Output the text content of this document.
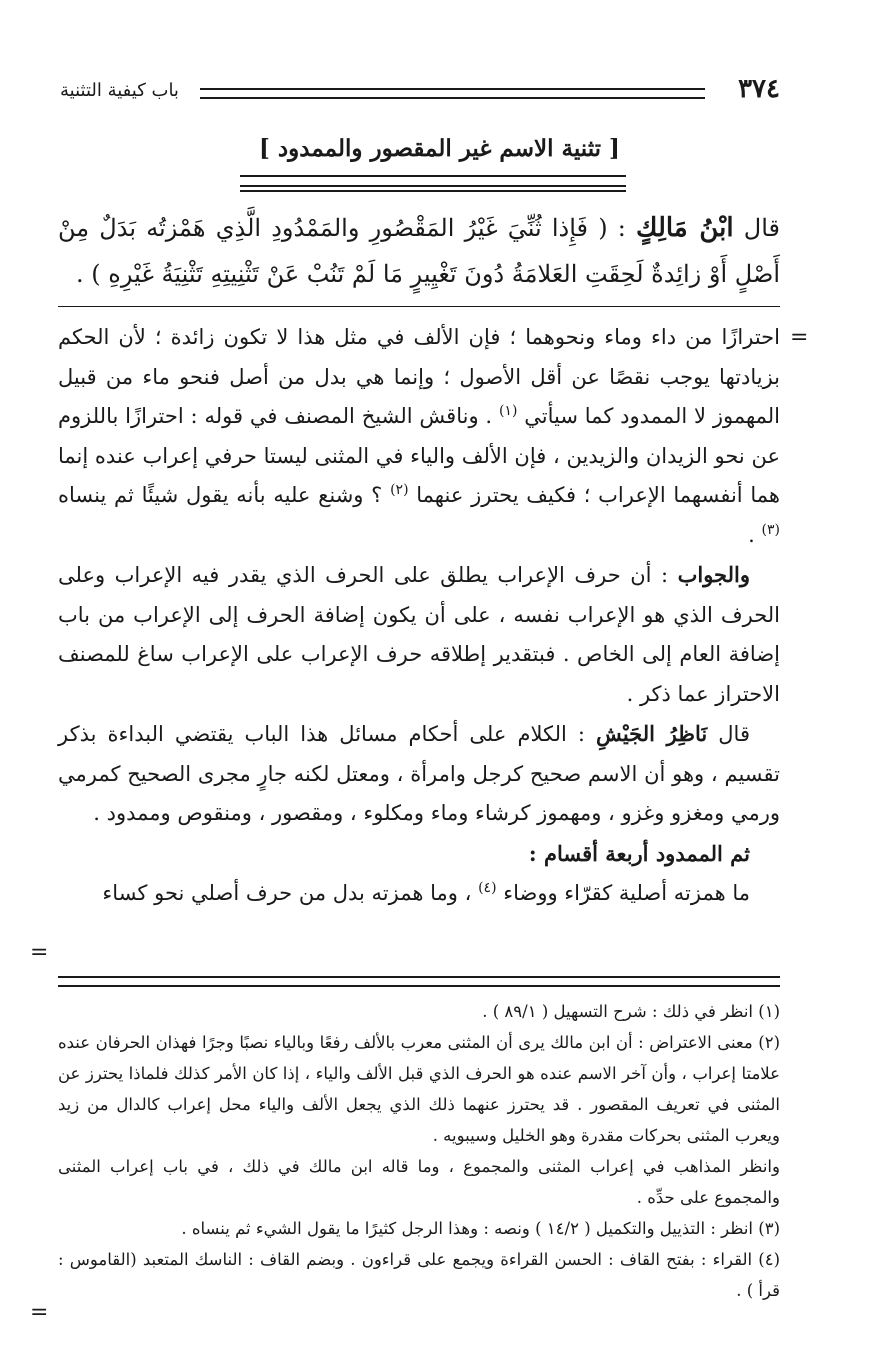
٣٧٤
باب كيفية التثنية
[ تثنية الاسم غير المقصور والممدود ]
قال ابْنُ مَالِكٍ : ( فَإِذا ثُنِّيَ غَيْرُ المَقْصُورِ والمَمْدُودِ الَّذِي هَمْزتُه بَدَلٌ مِنْ أَصْلٍ أَوْ زائِدةٌ لَحِقَتِ العَلامَةُ دُونَ تَغْيِيرٍ مَا لَمْ تَنُبْ عَنْ تَثْنِيتِهِ تَثْنِيَةُ غَيْرِهِ ) .
=
=
=

احترازًا من داء وماء ونحوهما ؛ فإن الألف في مثل هذا لا تكون زائدة ؛ لأن الحكم بزيادتها يوجب نقصًا عن أقل الأصول ؛ وإنما هي بدل من أصل فنحو ماء من قبيل المهموز لا الممدود كما سيأتي $^{(١)}$ . وناقش الشيخ المصنف في قوله : احترازًا باللزوم عن نحو الزيدان والزيدين ، فإن الألف والياء في المثنى ليستا حرفي إعراب عنده إنما هما أنفسهما الإعراب ؛ فكيف يحترز عنهما $^{(٢)}$ ؟ وشنع عليه بأنه يقول شيئًا ثم ينساه $^{(٣)}$ .

والجواب : أن حرف الإعراب يطلق على الحرف الذي يقدر فيه الإعراب وعلى الحرف الذي هو الإعراب نفسه ، على أن يكون إضافة الحرف إلى الإعراب من باب إضافة العام إلى الخاص . فبتقدير إطلاقه حرف الإعراب على الإعراب ساغ للمصنف الاحتراز عما ذكر .

قال نَاظِرُ الجَيْشِ : الكلام على أحكام مسائل هذا الباب يقتضي البداءة بذكر تقسيم ، وهو أن الاسم صحيح كرجل وامرأة ، ومعتل لكنه جارٍ مجرى الصحيح كمرمي ورمي ومغزو وغزو ، ومهموز كرشاء وماء ومكلوء ، ومقصور ، ومنقوص وممدود .

ثم الممدود أربعة أقسام :

ما همزته أصلية كقرّاء ووضاء $^{(٤)}$ ، وما همزته بدل من حرف أصلي نحو كساء

(١) انظر في ذلك : شرح التسهيل ( ٨٩/١ ) .

(٢) معنى الاعتراض : أن ابن مالك يرى أن المثنى معرب بالألف رفعًا وبالياء نصبًا وجرًا فهذان الحرفان عنده علامتا إعراب ، وأن آخر الاسم عنده هو الحرف الذي قبل الألف والياء ، إذا كان الأمر كذلك فلماذا يحترز عن المثنى في تعريف المقصور . قد يحترز عنهما ذلك الذي يجعل الألف والياء محل إعراب كالدال من زيد ويعرب المثنى بحركات مقدرة وهو الخليل وسيبويه .

وانظر المذاهب في إعراب المثنى والمجموع ، وما قاله ابن مالك في ذلك ، في باب إعراب المثنى والمجموع على حدِّه .

(٣) انظر : التذييل والتكميل ( ١٤/٢ ) ونصه : وهذا الرجل كثيرًا ما يقول الشيء ثم ينساه .

(٤) القراء : بفتح القاف : الحسن القراءة ويجمع على قراءون . وبضم القاف : الناسك المتعبد (القاموس : قرأ ) .
